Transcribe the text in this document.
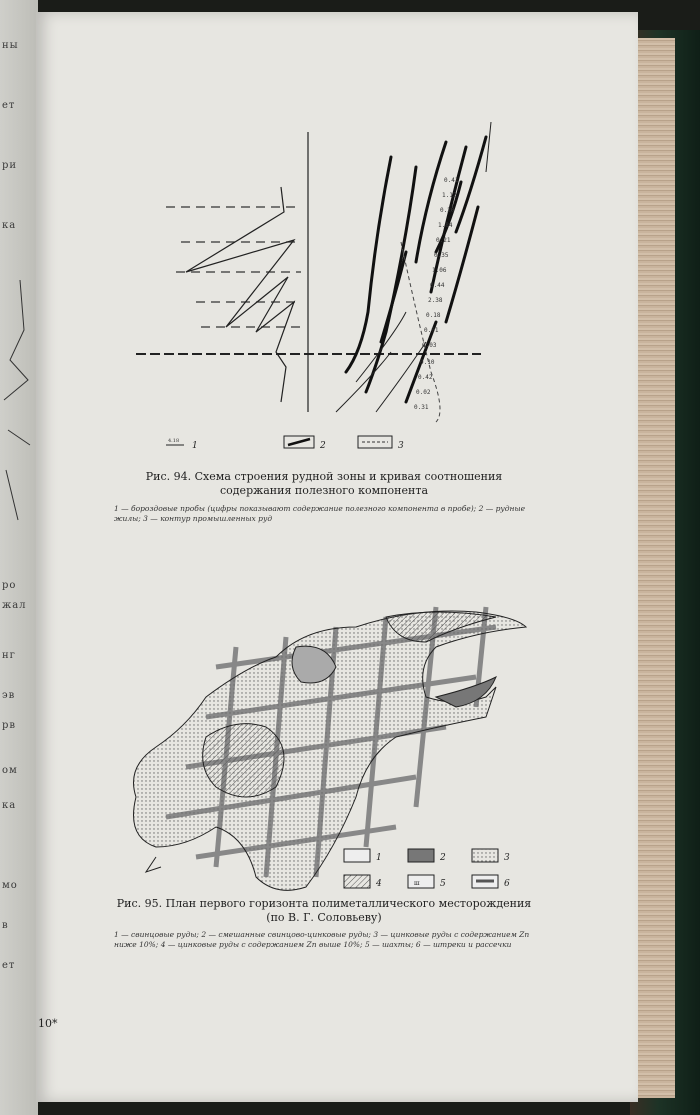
ны
ет
ри
ка
ро
жал
нг
эв
рв
ом
ка
мо
в
ет
0.41
1.12
0.20
1.84
0.21
0.35
1.06
0.44
2.38
0.18
0.01
0.03
0.10
0.42
0.02
0.31
4.18 1	2	3
Рис. 94. Схема строения рудной зоны и кривая соотношения содержания полезного компонента
1 — бороздовые пробы (цифры показывают содержание полезного компонента в пробе); 2 — рудные жилы; 3 — контур промышленных руд
1	2	3
4	ш 5	6
Рис. 95. План первого горизонта полиметаллического месторождения (по В. Г. Соловьеву)
1 — свинцовые руды; 2 — смешанные свинцово-цинковые руды; 3 — цинковые руды с содержанием Zn ниже 10%; 4 — цинковые руды с содержанием Zn выше 10%; 5 — шахты; 6 — штреки и рассечки
10*
